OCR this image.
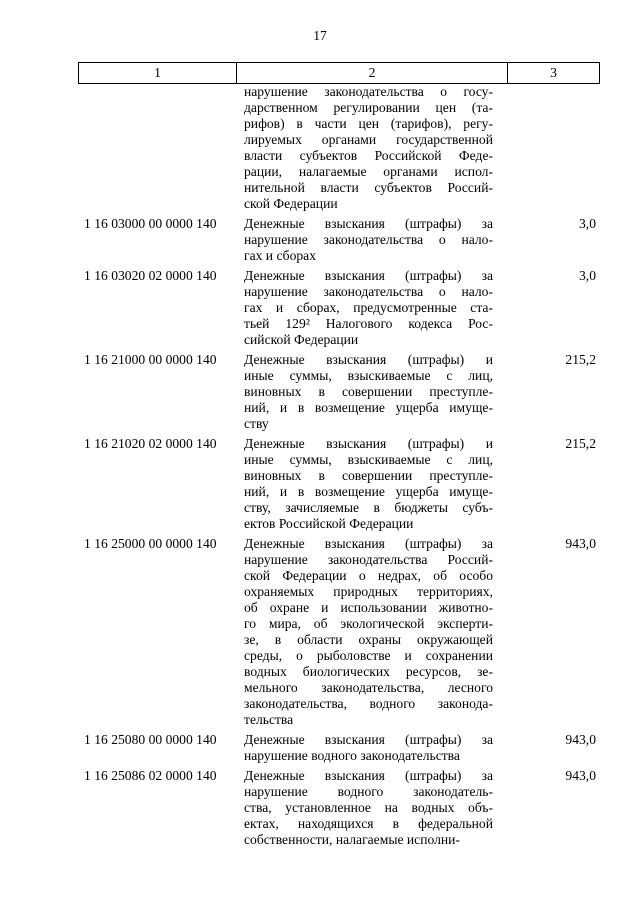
17
1	2	3
нарушение законодательства о госу-
дарственном регулировании цен (та-
рифов) в части цен (тарифов), регу-
лируемых органами государственной
власти субъектов Российской Феде-
рации, налагаемые органами испол-
нительной власти субъектов Россий-
ской Федерации
1 16 03000 00 0000 140	Денежные взыскания (штрафы) за
нарушение законодательства о нало-
гах и сборах
3,0
1 16 03020 02 0000 140	Денежные взыскания (штрафы) за
нарушение законодательства о нало-
гах и сборах, предусмотренные ста-
тьей 129² Налогового кодекса Рос-
сийской Федерации
3,0
1 16 21000 00 0000 140	Денежные взыскания (штрафы) и
иные суммы, взыскиваемые с лиц,
виновных в совершении преступле-
ний, и в возмещение ущерба имуще-
ству
215,2
1 16 21020 02 0000 140	Денежные взыскания (штрафы) и
иные суммы, взыскиваемые с лиц,
виновных в совершении преступле-
ний, и в возмещение ущерба имуще-
ству, зачисляемые в бюджеты субъ-
ектов Российской Федерации
215,2
1 16 25000 00 0000 140	Денежные взыскания (штрафы) за
нарушение законодательства Россий-
ской Федерации о недрах, об особо
охраняемых природных территориях,
об охране и использовании животно-
го мира, об экологической эксперти-
зе, в области охраны окружающей
среды, о рыболовстве и сохранении
водных биологических ресурсов, зе-
мельного законодательства, лесного
законодательства, водного законода-
тельства
943,0
1 16 25080 00 0000 140	Денежные взыскания (штрафы) за
нарушение водного законодательства
943,0
1 16 25086 02 0000 140	Денежные взыскания (штрафы) за
нарушение водного законодатель-
ства, установленное на водных объ-
ектах, находящихся в федеральной
собственности, налагаемые исполни-
943,0
